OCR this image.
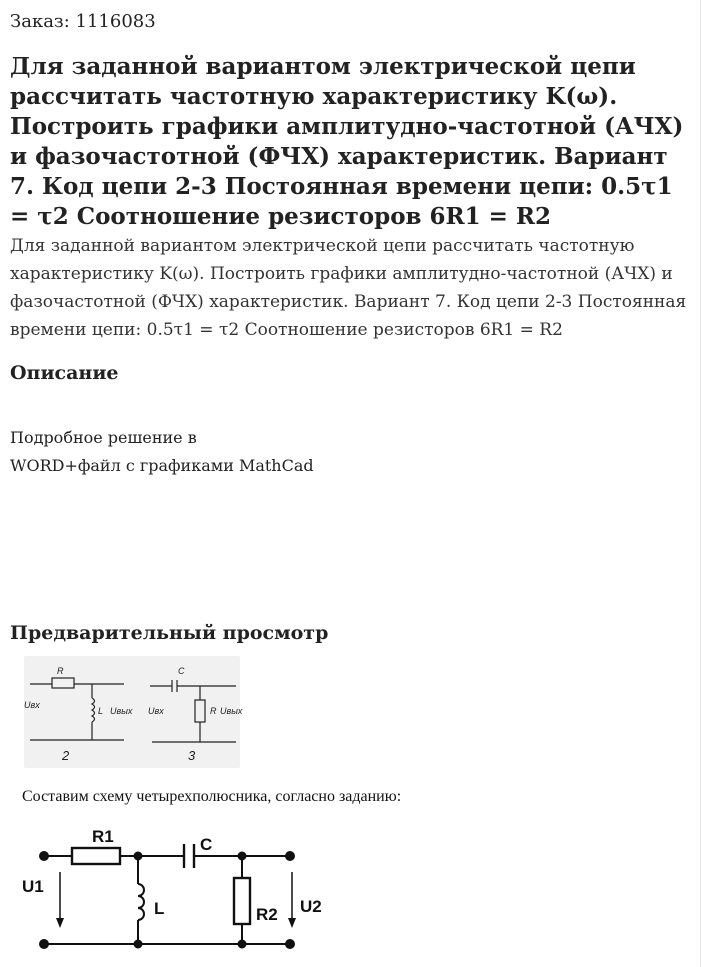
Заказ: 1116083
Для заданной вариантом электрической цепи рассчитать частотную характеристику K(ω). Построить графики амплитудно-частотной (АЧХ) и фазочастотной (ФЧХ) характеристик. Вариант 7. Код цепи 2-3 Постоянная времени цепи: 0.5τ1 = τ2 Соотношение резисторов 6R1 = R2

Для заданной вариантом электрической цепи рассчитать частотную характеристику K(ω). Построить графики амплитудно-частотной (АЧХ) и фазочастотной (ФЧХ) характеристик. Вариант 7. Код цепи 2-3 Постоянная времени цепи: 0.5τ1 = τ2 Соотношение резисторов 6R1 = R2

Описание
Подробное решение в
WORD+файл с графиками MathCad
Предварительный просмотр
R
Uвх
L Uвых
2
C
Uвх	R Uвых
3
Составим схему четырехполюсника, согласно заданию:
R1	C
U1
L	R2 U2
